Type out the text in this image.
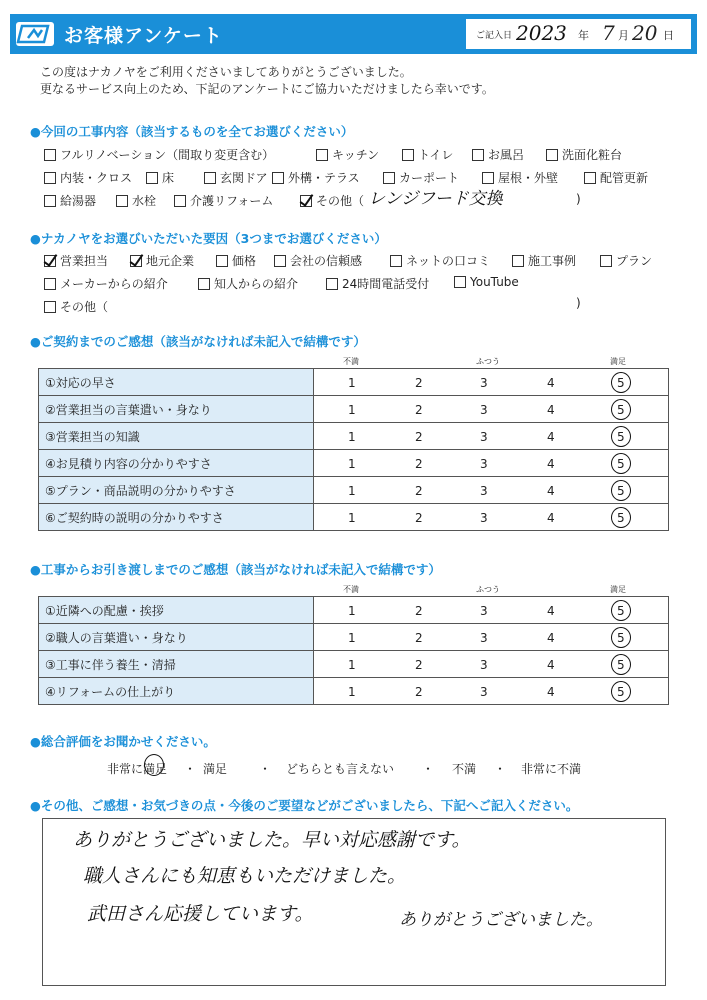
お客様アンケート	ご記入日 2023 年 7 月 20 日
この度はナカノヤをご利用くださいましてありがとうございました。
更なるサービス向上のため、下記のアンケートにご協力いただけましたら幸いです。
●今回の工事内容（該当するものを全てお選びください）
フルリノベーション（間取り変更含む）	キッチン	トイレ	お風呂	洗面化粧台
内装・クロス 床	玄関ドア 外構・テラス	カーポート	屋根・外壁	配管更新
給湯器	水栓	介護リフォーム	その他（ レンジフード交換	)
●ナカノヤをお選びいただいた要因（3つまでお選びください）
営業担当	地元企業	価格	会社の信頼感	ネットの口コミ	施工事例	プラン
メーカーからの紹介	知人からの紹介	24時間電話受付	YouTube
その他（	)
●ご契約までのご感想（該当がなければ未記入で結構です）
不満	ふつう	満足
①対応の早さ	1 2 3 4 5

②営業担当の言葉遣い・身なり	1 2 3 4 5

③営業担当の知識	1 2 3 4 5

④お見積り内容の分かりやすさ	1 2 3 4 5

⑤プラン・商品説明の分かりやすさ	1 2 3 4 5

⑥ご契約時の説明の分かりやすさ	1 2 3 4 5
●工事からお引き渡しまでのご感想（該当がなければ未記入で結構です）
不満	ふつう	満足
①近隣への配慮・挨拶	1 2 3 4 5

②職人の言葉遣い・身なり	1 2 3 4 5

③工事に伴う養生・清掃	1 2 3 4 5

④リフォームの仕上がり	1 2 3 4 5
●総合評価をお聞かせください。
非常に満足 ・ 満足	・ どちらとも言えない ・ 不満 ・ 非常に不満
●その他、ご感想・お気づきの点・今後のご要望などがございましたら、下記へご記入ください。
ありがとうございました。早い対応感謝です。
職人さんにも知恵もいただけました。
武田さん応援しています。	ありがとうございました。
